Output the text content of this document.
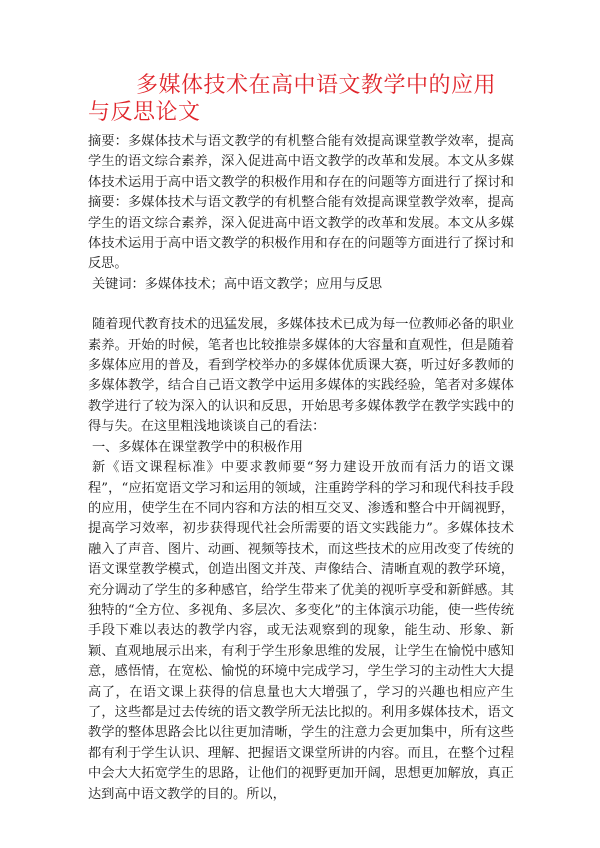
多媒体技术在高中语文教学中的应用与反思论文

摘要：多媒体技术与语文教学的有机整合能有效提高课堂教学效率，提高学生的语文综合素养，深入促进高中语文教学的改革和发展。本文从多媒体技术运用于高中语文教学的积极作用和存在的问题等方面进行了探讨和 摘要：多媒体技术与语文教学的有机整合能有效提高课堂教学效率，提高学生的语文综合素养，深入促进高中语文教学的改革和发展。本文从多媒体技术运用于高中语文教学的积极作用和存在的问题等方面进行了探讨和反思。

关键词：多媒体技术；高中语文教学；应用与反思

随着现代教育技术的迅猛发展，多媒体技术已成为每一位教师必备的职业素养。开始的时候，笔者也比较推崇多媒体的大容量和直观性，但是随着多媒体应用的普及，看到学校举办的多媒体优质课大赛，听过好多教师的多媒体教学，结合自己语文教学中运用多媒体的实践经验，笔者对多媒体教学进行了较为深入的认识和反思，开始思考多媒体教学在教学实践中的得与失。在这里粗浅地谈谈自己的看法：

一、多媒体在课堂教学中的积极作用

新《语文课程标准》中要求教师要“努力建设开放而有活力的语文课程”，“应拓宽语文学习和运用的领域，注重跨学科的学习和现代科技手段的应用，使学生在不同内容和方法的相互交叉、渗透和整合中开阔视野，提高学习效率，初步获得现代社会所需要的语文实践能力”。多媒体技术融入了声音、图片、动画、视频等技术，而这些技术的应用改变了传统的语文课堂教学模式，创造出图文并茂、声像结合、清晰直观的教学环境，充分调动了学生的多种感官，给学生带来了优美的视听享受和新鲜感。其独特的“全方位、多视角、多层次、多变化”的主体演示功能，使一些传统手段下难以表达的教学内容，或无法观察到的现象，能生动、形象、新颖、直观地展示出来，有利于学生形象思维的发展，让学生在愉悦中感知意，感悟情，在宽松、愉悦的环境中完成学习，学生学习的主动性大大提高了，在语文课上获得的信息量也大大增强了，学习的兴趣也相应产生了，这些都是过去传统的语文教学所无法比拟的。利用多媒体技术，语文教学的整体思路会比以往更加清晰，学生的注意力会更加集中，所有这些都有利于学生认识、理解、把握语文课堂所讲的内容。而且，在整个过程中会大大拓宽学生的思路，让他们的视野更加开阔，思想更加解放，真正达到高中语文教学的目的。所以，
